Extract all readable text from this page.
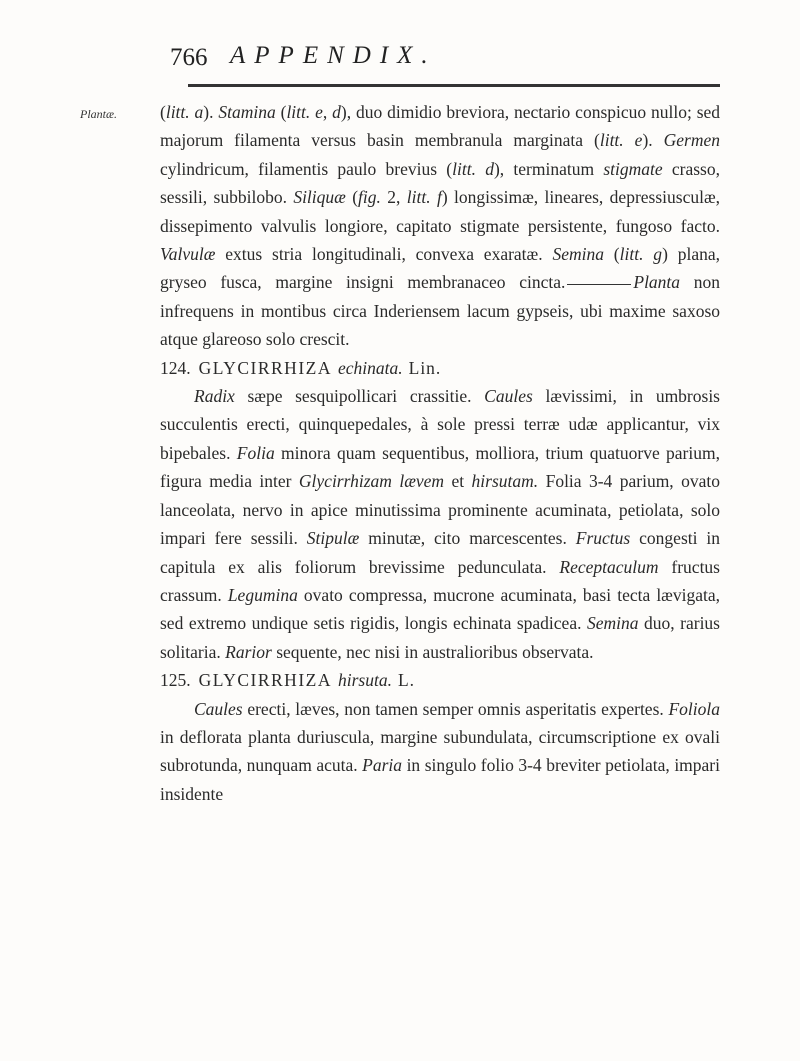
766 APPENDIX.
Plantæ. (litt. a). Stamina (litt. e, d), duo dimidio breviora, nectario conspicuo nullo; sed majorum filamenta versus basin membranula marginata (litt. e). Germen cylindricum, filamentis paulo brevius (litt. d), terminatum stigmate crasso, sessili, subbilobo. Siliquæ (fig. 2, litt. f) longissimæ, lineares, depressiusculæ, dissepimento valvulis longiore, capitato stigmate persistente, fungoso facto. Valvulæ extus stria longitudinali, convexa exaratæ. Semina (litt. g) plana, gryseo fusca, margine insigni membranaceo cincta.	Planta non infrequens in montibus circa Inderiensem lacum gypseis, ubi maxime saxoso atque glareoso solo crescit.

124. GLYCIRRHIZA echinata. Lin.

Radix sæpe sesquipollicari crassitie. Caules lævissimi, in umbrosis succulentis erecti, quinquepedales, à sole pressi terræ udæ applicantur, vix bipebales. Folia minora quam sequentibus, molliora, trium quatuorve parium, figura media inter Glycirrhizam lævem et hirsutam. Folia 3-4 parium, ovato lanceolata, nervo in apice minutissima prominente acuminata, petiolata, solo impari fere sessili. Stipulæ minutæ, cito marcescentes. Fructus congesti in capitula ex alis foliorum brevissime pedunculata. Receptaculum fructus crassum. Legumina ovato compressa, mucrone acuminata, basi tecta lævigata, sed extremo undique setis rigidis, longis echinata spadicea. Semina duo, rarius solitaria. Rarior sequente, nec nisi in australioribus observata.

125. GLYCIRRHIZA hirsuta. L.

Caules erecti, læves, non tamen semper omnis asperitatis expertes. Foliola in deflorata planta duriuscula, margine subundulata, circumscriptione ex ovali subrotunda, nunquam acuta. Paria in singulo folio 3-4 breviter petiolata, impari insidente
